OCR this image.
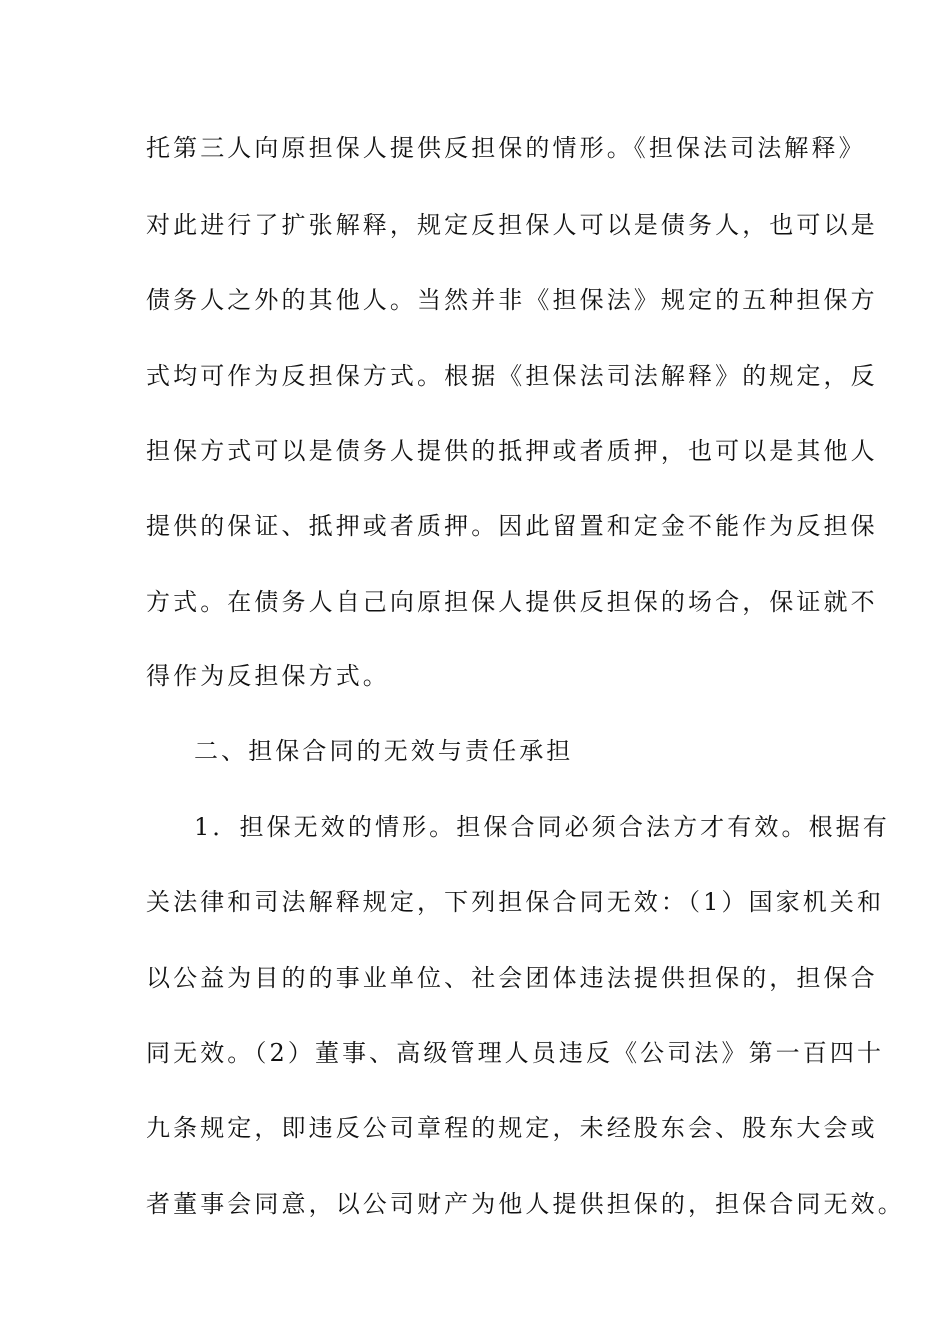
托第三人向原担保人提供反担保的情形。《担保法司法解释》
对此进行了扩张解释，规定反担保人可以是债务人，也可以是
债务人之外的其他人。当然并非《担保法》规定的五种担保方
式均可作为反担保方式。根据《担保法司法解释》的规定，反
担保方式可以是债务人提供的抵押或者质押，也可以是其他人
提供的保证、抵押或者质押。因此留置和定金不能作为反担保
方式。在债务人自己向原担保人提供反担保的场合，保证就不
得作为反担保方式。
二、担保合同的无效与责任承担
1．担保无效的情形。担保合同必须合法方才有效。根据有
关法律和司法解释规定，下列担保合同无效：（1）国家机关和
以公益为目的的事业单位、社会团体违法提供担保的，担保合
同无效。（2）董事、高级管理人员违反《公司法》第一百四十
九条规定，即违反公司章程的规定，未经股东会、股东大会或
者董事会同意，以公司财产为他人提供担保的，担保合同无效。
